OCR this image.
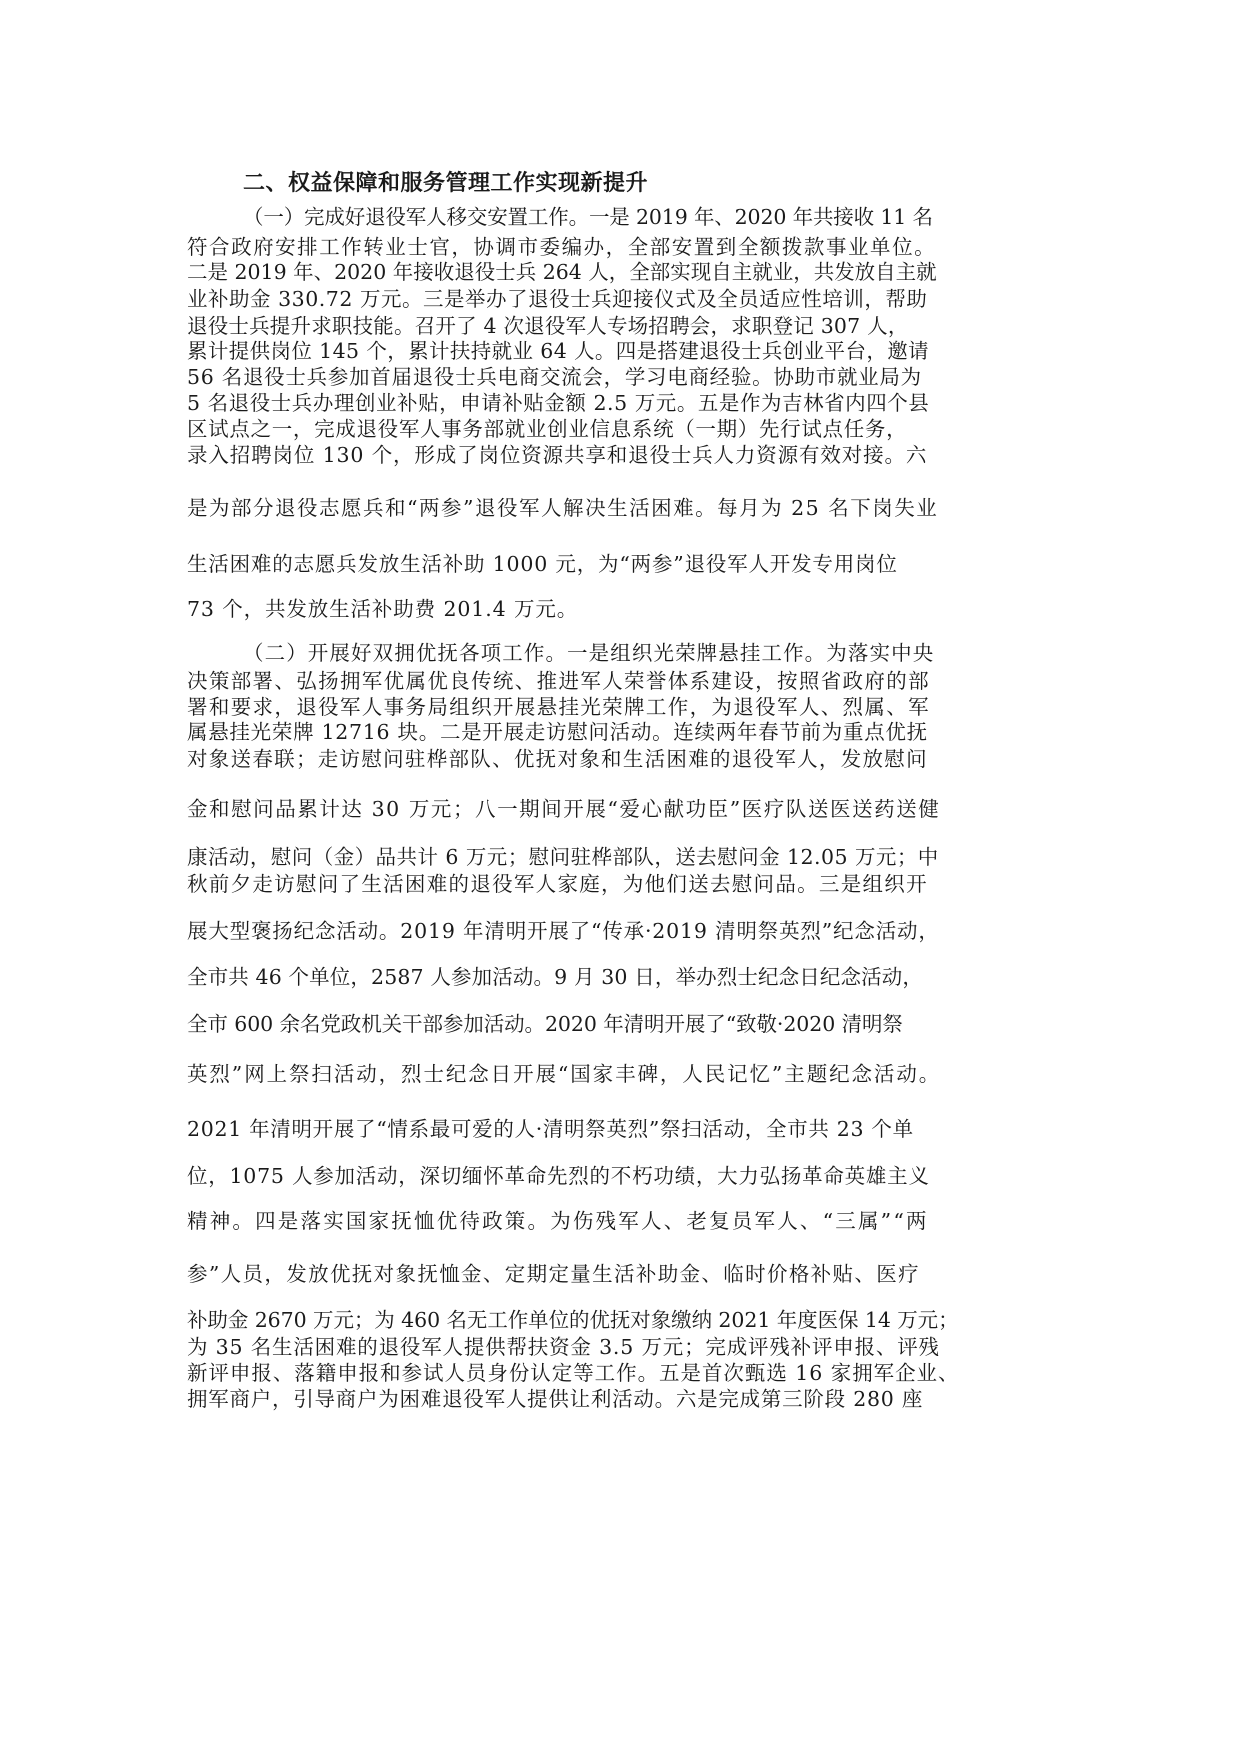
二、权益保障和服务管理工作实现新提升
（一）完成好退役军人移交安置工作。一是 2019 年、2020 年共接收 11 名
符合政府安排工作转业士官，协调市委编办，全部安置到全额拨款事业单位。
二是 2019 年、2020 年接收退役士兵 264 人，全部实现自主就业，共发放自主就
业补助金 330.72 万元。三是举办了退役士兵迎接仪式及全员适应性培训，帮助
退役士兵提升求职技能。召开了 4 次退役军人专场招聘会，求职登记 307 人，
累计提供岗位 145 个，累计扶持就业 64 人。四是搭建退役士兵创业平台，邀请
56 名退役士兵参加首届退役士兵电商交流会，学习电商经验。协助市就业局为
5 名退役士兵办理创业补贴，申请补贴金额 2.5 万元。五是作为吉林省内四个县
区试点之一，完成退役军人事务部就业创业信息系统（一期）先行试点任务，
录入招聘岗位 130 个，形成了岗位资源共享和退役士兵人力资源有效对接。六
是为部分退役志愿兵和“两参”退役军人解决生活困难。每月为 25 名下岗失业
生活困难的志愿兵发放生活补助 1000 元，为“两参”退役军人开发专用岗位
73 个，共发放生活补助费 201.4 万元。
（二）开展好双拥优抚各项工作。一是组织光荣牌悬挂工作。为落实中央
决策部署、弘扬拥军优属优良传统、推进军人荣誉体系建设，按照省政府的部
署和要求，退役军人事务局组织开展悬挂光荣牌工作，为退役军人、烈属、军
属悬挂光荣牌 12716 块。二是开展走访慰问活动。连续两年春节前为重点优抚
对象送春联；走访慰问驻桦部队、优抚对象和生活困难的退役军人，发放慰问
金和慰问品累计达 30 万元；八一期间开展“爱心献功臣”医疗队送医送药送健
康活动，慰问（金）品共计 6 万元；慰问驻桦部队，送去慰问金 12.05 万元；中
秋前夕走访慰问了生活困难的退役军人家庭，为他们送去慰问品。三是组织开
展大型褒扬纪念活动。2019 年清明开展了“传承·2019 清明祭英烈”纪念活动，
全市共 46 个单位，2587 人参加活动。9 月 30 日，举办烈士纪念日纪念活动，
全市 600 余名党政机关干部参加活动。2020 年清明开展了“致敬·2020 清明祭
英烈”网上祭扫活动，烈士纪念日开展“国家丰碑，人民记忆”主题纪念活动。
2021 年清明开展了“情系最可爱的人·清明祭英烈”祭扫活动，全市共 23 个单
位，1075 人参加活动，深切缅怀革命先烈的不朽功绩，大力弘扬革命英雄主义
精神。四是落实国家抚恤优待政策。为伤残军人、老复员军人、“三属”“两
参”人员，发放优抚对象抚恤金、定期定量生活补助金、临时价格补贴、医疗
补助金 2670 万元；为 460 名无工作单位的优抚对象缴纳 2021 年度医保 14 万元；
为 35 名生活困难的退役军人提供帮扶资金 3.5 万元；完成评残补评申报、评残
新评申报、落籍申报和参试人员身份认定等工作。五是首次甄选 16 家拥军企业、
拥军商户，引导商户为困难退役军人提供让利活动。六是完成第三阶段 280 座
